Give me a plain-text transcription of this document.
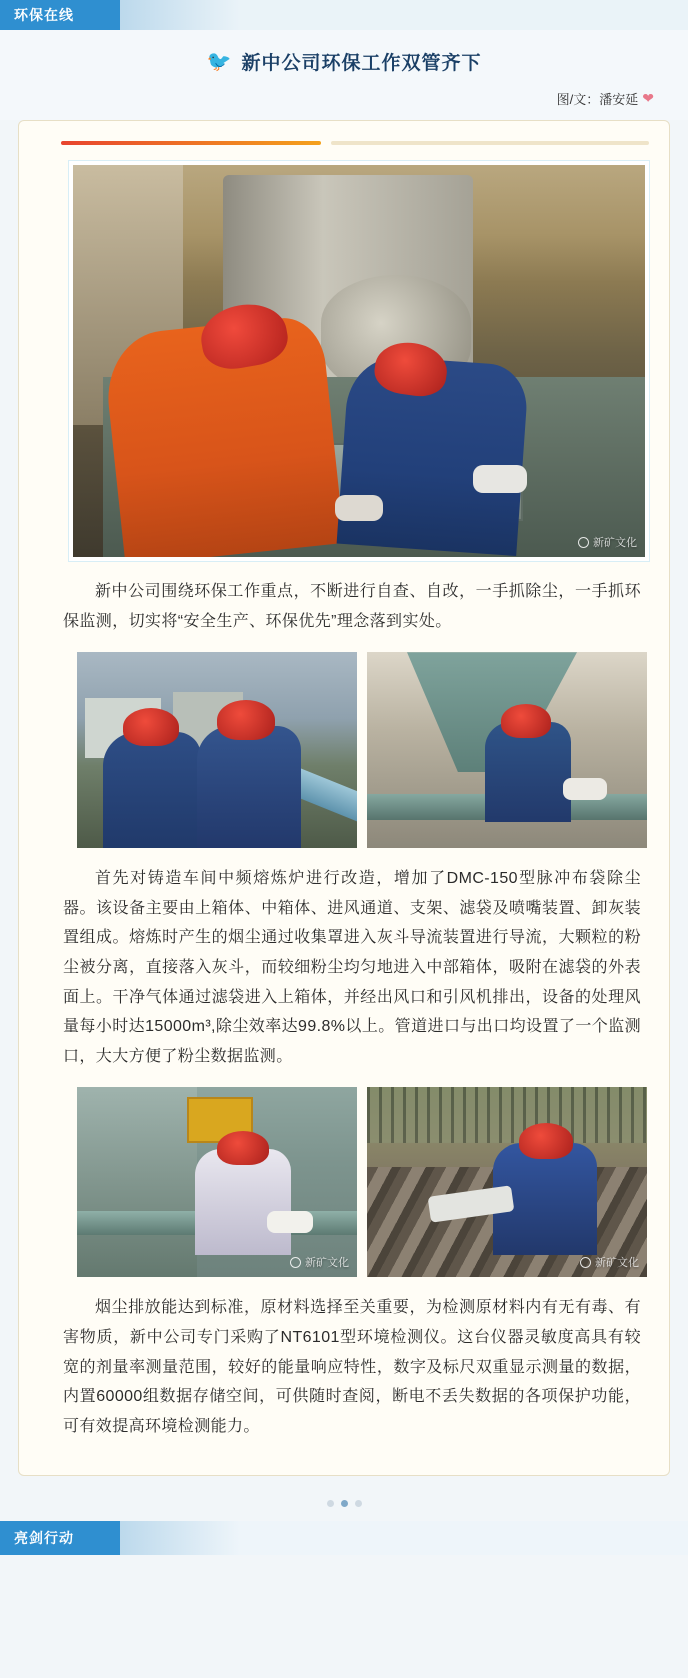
环保在线
🐦 新中公司环保工作双管齐下
图/文：潘安延 ❤
新矿文化

新中公司围绕环保工作重点，不断进行自查、自改，一手抓除尘，一手抓环保监测，切实将“安全生产、环保优先”理念落到实处。

首先对铸造车间中频熔炼炉进行改造，增加了DMC-150型脉冲布袋除尘器。该设备主要由上箱体、中箱体、进风通道、支架、滤袋及喷嘴装置、卸灰装置组成。熔炼时产生的烟尘通过收集罩进入灰斗导流装置进行导流，大颗粒的粉尘被分离，直接落入灰斗，而较细粉尘均匀地进入中部箱体，吸附在滤袋的外表面上。干净气体通过滤袋进入上箱体，并经出风口和引风机排出，设备的处理风量每小时达15000m³,除尘效率达99.8%以上。管道进口与出口均设置了一个监测口，大大方便了粉尘数据监测。

新矿文化	新矿文化

烟尘排放能达到标准，原材料选择至关重要，为检测原材料内有无有毒、有害物质，新中公司专门采购了NT6101型环境检测仪。这台仪器灵敏度高具有较宽的剂量率测量范围，较好的能量响应特性，数字及标尺双重显示测量的数据，内置60000组数据存储空间，可供随时查阅，断电不丢失数据的各项保护功能，可有效提高环境检测能力。

亮剑行动
